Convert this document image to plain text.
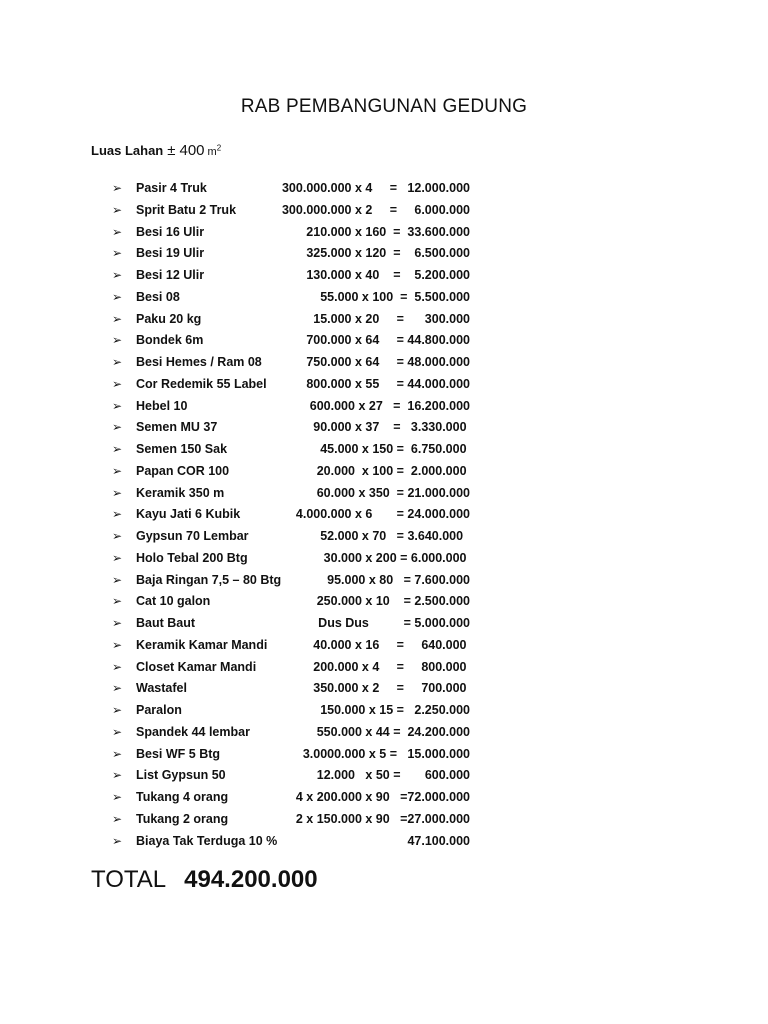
RAB PEMBANGUNAN GEDUNG
Luas Lahan ± 400 $m^2$
➢ Pasir 4 Truk	300.000.000 x 4     =   12.000.000
➢ Sprit Batu 2 Truk	300.000.000 x 2     =     6.000.000
➢ Besi 16 Ulir	210.000 x 160  =  33.600.000
➢ Besi 19 Ulir	325.000 x 120  =    6.500.000
➢ Besi 12 Ulir	130.000 x 40    =    5.200.000
➢ Besi 08	55.000 x 100  =  5.500.000
➢ Paku 20 kg	15.000 x 20     =      300.000
➢ Bondek 6m	700.000 x 64     = 44.800.000
➢ Besi Hemes / Ram 08	750.000 x 64     = 48.000.000
➢ Cor Redemik 55 Label	800.000 x 55     = 44.000.000
➢ Hebel 10	600.000 x 27   =  16.200.000
➢ Semen MU 37	90.000 x 37    =   3.330.000
➢ Semen 150 Sak	45.000 x 150 =  6.750.000
➢ Papan COR 100	20.000  x 100 =  2.000.000
➢ Keramik 350 m	60.000 x 350  = 21.000.000
➢ Kayu Jati 6 Kubik	4.000.000 x 6       = 24.000.000
➢ Gypsun 70 Lembar	52.000 x 70   = 3.640.000
➢ Holo Tebal 200 Btg	30.000 x 200 = 6.000.000
➢ Baja Ringan 7,5 – 80 Btg	95.000 x 80   = 7.600.000
➢ Cat 10 galon	250.000 x 10    = 2.500.000
➢ Baut Baut	Dus Dus          = 5.000.000
➢ Keramik Kamar Mandi	40.000 x 16     =     640.000
➢ Closet Kamar Mandi	200.000 x 4     =     800.000
➢ Wastafel	350.000 x 2     =     700.000
➢ Paralon	150.000 x 15 =   2.250.000
➢ Spandek 44 lembar	550.000 x 44 =  24.200.000
➢ Besi WF 5 Btg	3.0000.000 x 5 =   15.000.000
➢ List Gypsun 50	12.000   x 50 =       600.000
➢ Tukang 4 orang	4 x 200.000 x 90   =72.000.000
➢ Tukang 2 orang	2 x 150.000 x 90   =27.000.000
➢ Biaya Tak Terduga 10 %	47.100.000
TOTAL 494.200.000
